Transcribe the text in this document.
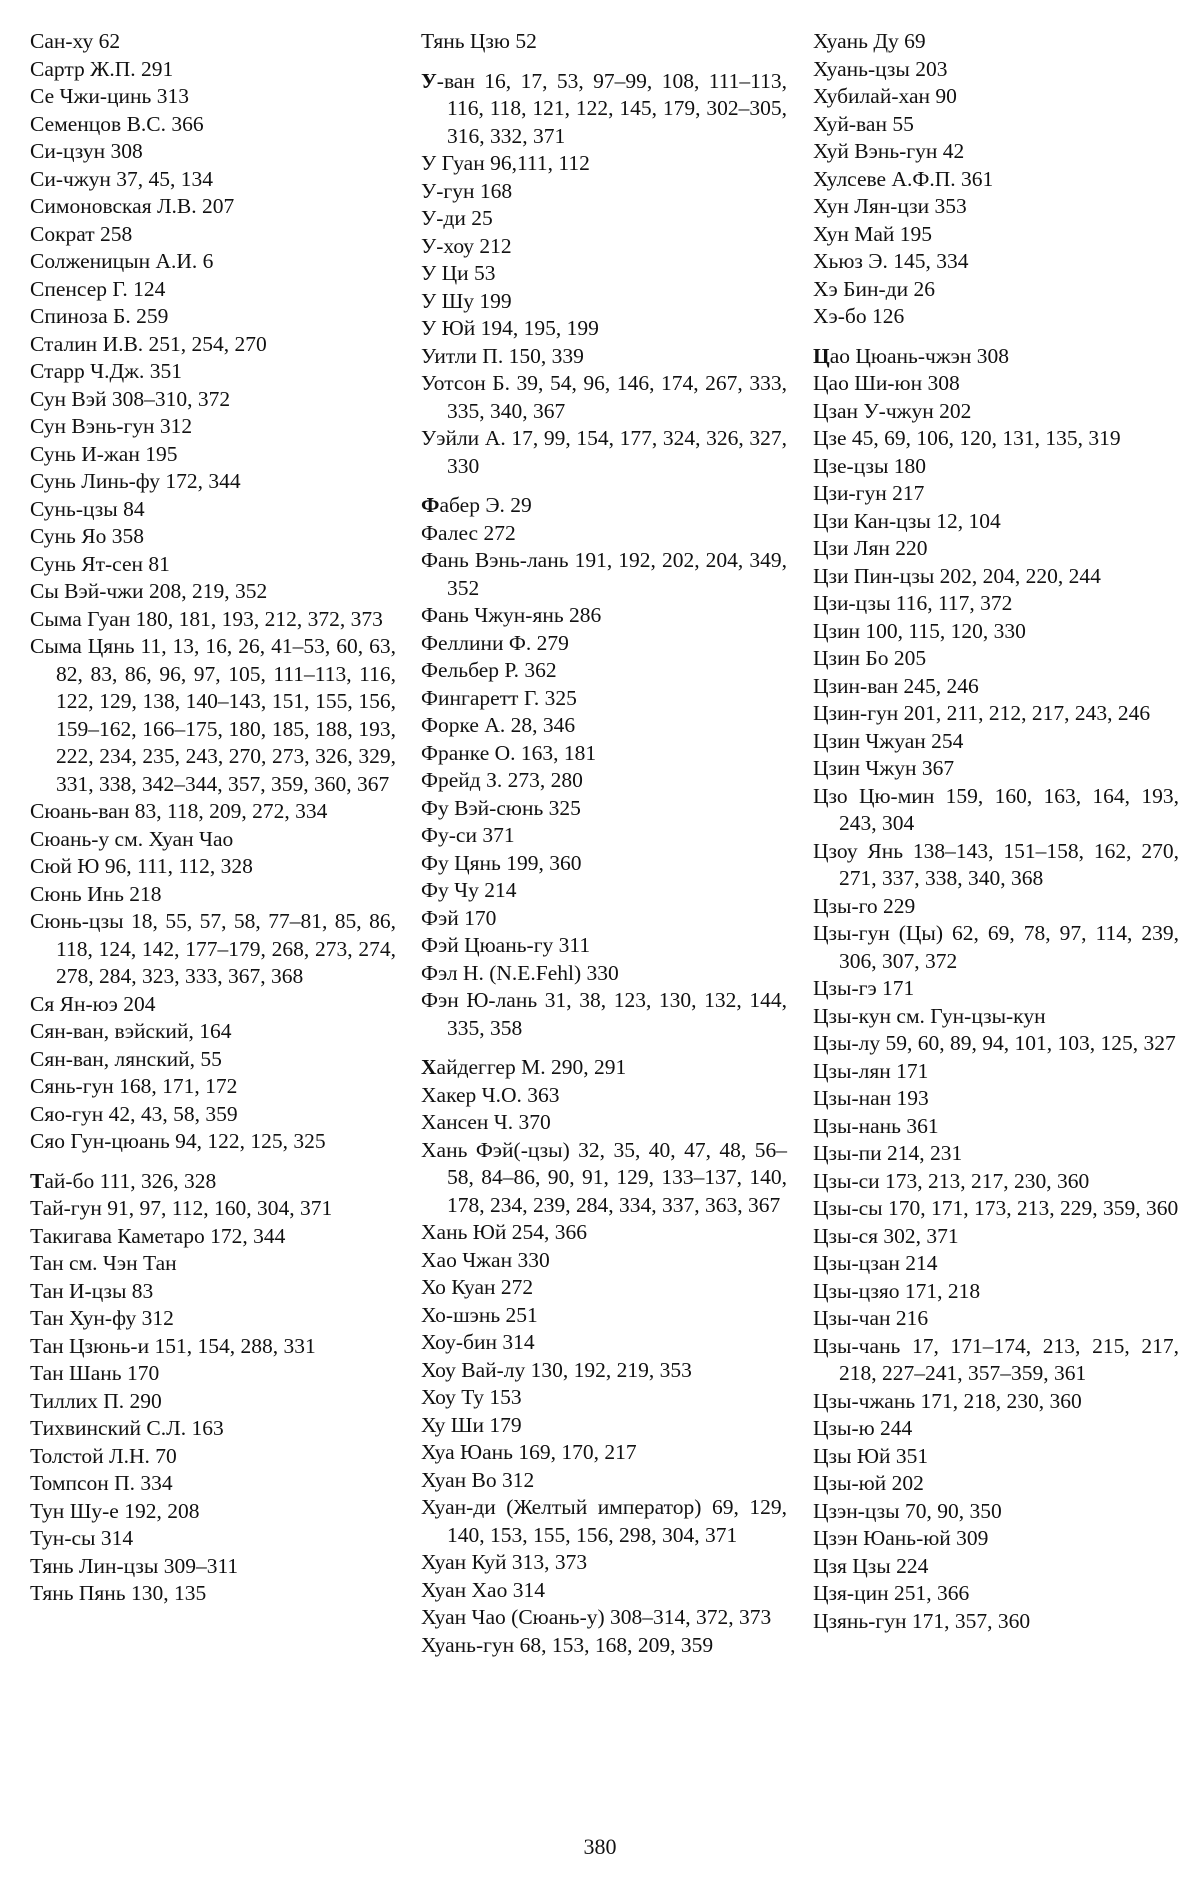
Сан-ху 62

Сартр Ж.П. 291

Се Чжи-цинь 313

Семенцов В.С. 366

Си-цзун 308

Си-чжун 37, 45, 134

Симоновская Л.В. 207

Сократ 258

Солженицын А.И. 6

Спенсер Г. 124

Спиноза Б. 259

Сталин И.В. 251, 254, 270

Старр Ч.Дж. 351

Сун Вэй 308–310, 372

Сун Вэнь-гун 312

Сунь И-жан 195

Сунь Линь-фу 172, 344

Сунь-цзы 84

Сунь Яо 358

Сунь Ят-сен 81

Сы Вэй-чжи 208, 219, 352

Сыма Гуан 180, 181, 193, 212, 372, 373

Сыма Цянь 11, 13, 16, 26, 41–53, 60, 63, 82, 83, 86, 96, 97, 105, 111–113, 116, 122, 129, 138, 140–143, 151, 155, 156, 159–162, 166–175, 180, 185, 188, 193, 222, 234, 235, 243, 270, 273, 326, 329, 331, 338, 342–344, 357, 359, 360, 367

Сюань-ван 83, 118, 209, 272, 334

Сюань-у см. Хуан Чао

Сюй Ю 96, 111, 112, 328

Сюнь Инь 218

Сюнь-цзы 18, 55, 57, 58, 77–81, 85, 86, 118, 124, 142, 177–179, 268, 273, 274, 278, 284, 323, 333, 367, 368

Ся Ян-юэ 204

Сян-ван, вэйский, 164

Сян-ван, лянский, 55

Сянь-гун 168, 171, 172

Сяо-гун 42, 43, 58, 359

Сяо Гун-цюань 94, 122, 125, 325

Тай-бо 111, 326, 328

Тай-гун 91, 97, 112, 160, 304, 371

Такигава Каметаро 172, 344

Тан см. Чэн Тан

Тан И-цзы 83

Тан Хун-фу 312

Тан Цзюнь-и 151, 154, 288, 331

Тан Шань 170

Тиллих П. 290

Тихвинский С.Л. 163

Толстой Л.Н. 70

Томпсон П. 334

Тун Шу-е 192, 208

Тун-сы 314

Тянь Лин-цзы 309–311

Тянь Пянь 130, 135

Тянь Цзю 52

У-ван 16, 17, 53, 97–99, 108, 111–113, 116, 118, 121, 122, 145, 179, 302–305, 316, 332, 371

У Гуан 96,111, 112

У-гун 168

У-ди 25

У-хоу 212

У Ци 53

У Шу 199

У Юй 194, 195, 199

Уитли П. 150, 339

Уотсон Б. 39, 54, 96, 146, 174, 267, 333, 335, 340, 367

Уэйли А. 17, 99, 154, 177, 324, 326, 327, 330

Фабер Э. 29

Фалес 272

Фань Вэнь-лань 191, 192, 202, 204, 349, 352

Фань Чжун-янь 286

Феллини Ф. 279

Фельбер Р. 362

Фингаретт Г. 325

Форке А. 28, 346

Франке О. 163, 181

Фрейд З. 273, 280

Фу Вэй-сюнь 325

Фу-си 371

Фу Цянь 199, 360

Фу Чу 214

Фэй 170

Фэй Цюань-гу 311

Фэл Н. (N.E.Fehl) 330

Фэн Ю-лань 31, 38, 123, 130, 132, 144, 335, 358

Хайдеггер М. 290, 291

Хакер Ч.О. 363

Хансен Ч. 370

Хань Фэй(-цзы) 32, 35, 40, 47, 48, 56–58, 84–86, 90, 91, 129, 133–137, 140, 178, 234, 239, 284, 334, 337, 363, 367

Хань Юй 254, 366

Хао Чжан 330

Хо Куан 272

Хо-шэнь 251

Хоу-бин 314

Хоу Вай-лу 130, 192, 219, 353

Хоу Ту 153

Ху Ши 179

Хуа Юань 169, 170, 217

Хуан Во 312

Хуан-ди (Желтый император) 69, 129, 140, 153, 155, 156, 298, 304, 371

Хуан Куй 313, 373

Хуан Хао 314

Хуан Чао (Сюань-у) 308–314, 372, 373

Хуань-гун 68, 153, 168, 209, 359

Хуань Ду 69

Хуань-цзы 203

Хубилай-хан 90

Хуй-ван 55

Хуй Вэнь-гун 42

Хулсеве А.Ф.П. 361

Хун Лян-цзи 353

Хун Май 195

Хьюз Э. 145, 334

Хэ Бин-ди 26

Хэ-бо 126

Цао Цюань-чжэн 308

Цао Ши-юн 308

Цзан У-чжун 202

Цзе 45, 69, 106, 120, 131, 135, 319

Цзе-цзы 180

Цзи-гун 217

Цзи Кан-цзы 12, 104

Цзи Лян 220

Цзи Пин-цзы 202, 204, 220, 244

Цзи-цзы 116, 117, 372

Цзин 100, 115, 120, 330

Цзин Бо 205

Цзин-ван 245, 246

Цзин-гун 201, 211, 212, 217, 243, 246

Цзин Чжуан 254

Цзин Чжун 367

Цзо Цю-мин 159, 160, 163, 164, 193, 243, 304

Цзоу Янь 138–143, 151–158, 162, 270, 271, 337, 338, 340, 368

Цзы-го 229

Цзы-гун (Цы) 62, 69, 78, 97, 114, 239, 306, 307, 372

Цзы-гэ 171

Цзы-кун см. Гун-цзы-кун

Цзы-лу 59, 60, 89, 94, 101, 103, 125, 327

Цзы-лян 171

Цзы-нан 193

Цзы-нань 361

Цзы-пи 214, 231

Цзы-си 173, 213, 217, 230, 360

Цзы-сы 170, 171, 173, 213, 229, 359, 360

Цзы-ся 302, 371

Цзы-цзан 214

Цзы-цзяо 171, 218

Цзы-чан 216

Цзы-чань 17, 171–174, 213, 215, 217, 218, 227–241, 357–359, 361

Цзы-чжань 171, 218, 230, 360

Цзы-ю 244

Цзы Юй 351

Цзы-юй 202

Цзэн-цзы 70, 90, 350

Цзэн Юань-юй 309

Цзя Цзы 224

Цзя-цин 251, 366

Цзянь-гун 171, 357, 360

380
